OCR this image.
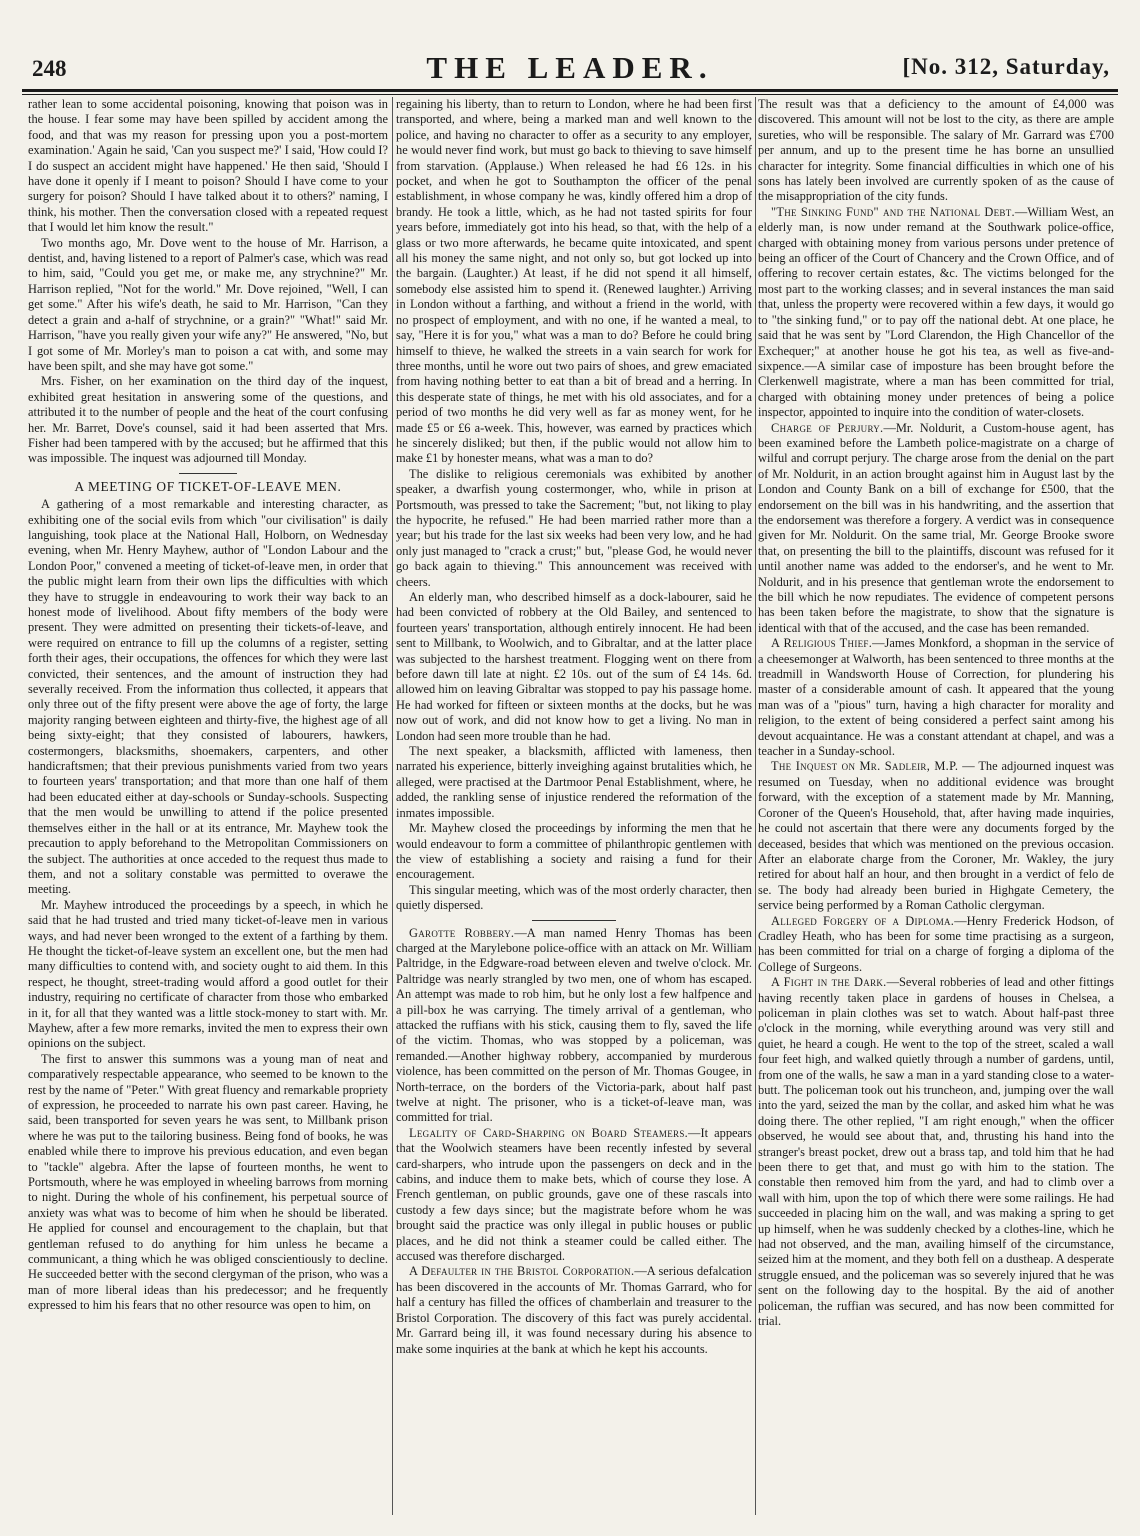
248	THE LEADER.	[No. 312, Saturday,

rather lean to some accidental poisoning, knowing that poison was in the house. I fear some may have been spilled by accident among the food, and that was my reason for pressing upon you a post-mortem examination.' Again he said, 'Can you suspect me?' I said, 'How could I? I do suspect an accident might have happened.' He then said, 'Should I have done it openly if I meant to poison? Should I have come to your surgery for poison? Should I have talked about it to others?' naming, I think, his mother. Then the conversation closed with a repeated request that I would let him know the result."

Two months ago, Mr. Dove went to the house of Mr. Harrison, a dentist, and, having listened to a report of Palmer's case, which was read to him, said, "Could you get me, or make me, any strychnine?" Mr. Harrison replied, "Not for the world." Mr. Dove rejoined, "Well, I can get some." After his wife's death, he said to Mr. Harrison, "Can they detect a grain and a-half of strychnine, or a grain?" "What!" said Mr. Harrison, "have you really given your wife any?" He answered, "No, but I got some of Mr. Morley's man to poison a cat with, and some may have been spilt, and she may have got some."

Mrs. Fisher, on her examination on the third day of the inquest, exhibited great hesitation in answering some of the questions, and attributed it to the number of people and the heat of the court confusing her. Mr. Barret, Dove's counsel, said it had been asserted that Mrs. Fisher had been tampered with by the accused; but he affirmed that this was impossible. The inquest was adjourned till Monday.

A MEETING OF TICKET-OF-LEAVE MEN.

A gathering of a most remarkable and interesting character, as exhibiting one of the social evils from which "our civilisation" is daily languishing, took place at the National Hall, Holborn, on Wednesday evening, when Mr. Henry Mayhew, author of "London Labour and the London Poor," convened a meeting of ticket-of-leave men, in order that the public might learn from their own lips the difficulties with which they have to struggle in endeavouring to work their way back to an honest mode of livelihood. About fifty members of the body were present. They were admitted on presenting their tickets-of-leave, and were required on entrance to fill up the columns of a register, setting forth their ages, their occupations, the offences for which they were last convicted, their sentences, and the amount of instruction they had severally received. From the information thus collected, it appears that only three out of the fifty present were above the age of forty, the large majority ranging between eighteen and thirty-five, the highest age of all being sixty-eight; that they consisted of labourers, hawkers, costermongers, blacksmiths, shoemakers, carpenters, and other handicraftsmen; that their previous punishments varied from two years to fourteen years' transportation; and that more than one half of them had been educated either at day-schools or Sunday-schools. Suspecting that the men would be unwilling to attend if the police presented themselves either in the hall or at its entrance, Mr. Mayhew took the precaution to apply beforehand to the Metropolitan Commissioners on the subject. The authorities at once acceded to the request thus made to them, and not a solitary constable was permitted to overawe the meeting.

Mr. Mayhew introduced the proceedings by a speech, in which he said that he had trusted and tried many ticket-of-leave men in various ways, and had never been wronged to the extent of a farthing by them. He thought the ticket-of-leave system an excellent one, but the men had many difficulties to contend with, and society ought to aid them. In this respect, he thought, street-trading would afford a good outlet for their industry, requiring no certificate of character from those who embarked in it, for all that they wanted was a little stock-money to start with. Mr. Mayhew, after a few more remarks, invited the men to express their own opinions on the subject.

The first to answer this summons was a young man of neat and comparatively respectable appearance, who seemed to be known to the rest by the name of "Peter." With great fluency and remarkable propriety of expression, he proceeded to narrate his own past career. Having, he said, been transported for seven years he was sent, to Millbank prison where he was put to the tailoring business. Being fond of books, he was enabled while there to improve his previous education, and even began to "tackle" algebra. After the lapse of fourteen months, he went to Portsmouth, where he was employed in wheeling barrows from morning to night. During the whole of his confinement, his perpetual source of anxiety was what was to become of him when he should be liberated. He applied for counsel and encouragement to the chaplain, but that gentleman refused to do anything for him unless he became a communicant, a thing which he was obliged conscientiously to decline. He succeeded better with the second clergyman of the prison, who was a man of more liberal ideas than his predecessor; and he frequently expressed to him his fears that no other resource was open to him, on

regaining his liberty, than to return to London, where he had been first transported, and where, being a marked man and well known to the police, and having no character to offer as a security to any employer, he would never find work, but must go back to thieving to save himself from starvation. (Applause.) When released he had £6 12s. in his pocket, and when he got to Southampton the officer of the penal establishment, in whose company he was, kindly offered him a drop of brandy. He took a little, which, as he had not tasted spirits for four years before, immediately got into his head, so that, with the help of a glass or two more afterwards, he became quite intoxicated, and spent all his money the same night, and not only so, but got locked up into the bargain. (Laughter.) At least, if he did not spend it all himself, somebody else assisted him to spend it. (Renewed laughter.) Arriving in London without a farthing, and without a friend in the world, with no prospect of employment, and with no one, if he wanted a meal, to say, "Here it is for you," what was a man to do? Before he could bring himself to thieve, he walked the streets in a vain search for work for three months, until he wore out two pairs of shoes, and grew emaciated from having nothing better to eat than a bit of bread and a herring. In this desperate state of things, he met with his old associates, and for a period of two months he did very well as far as money went, for he made £5 or £6 a-week. This, however, was earned by practices which he sincerely disliked; but then, if the public would not allow him to make £1 by honester means, what was a man to do?

The dislike to religious ceremonials was exhibited by another speaker, a dwarfish young costermonger, who, while in prison at Portsmouth, was pressed to take the Sacrement; "but, not liking to play the hypocrite, he refused." He had been married rather more than a year; but his trade for the last six weeks had been very low, and he had only just managed to "crack a crust;" but, "please God, he would never go back again to thieving." This announcement was received with cheers.

An elderly man, who described himself as a dock-labourer, said he had been convicted of robbery at the Old Bailey, and sentenced to fourteen years' transportation, although entirely innocent. He had been sent to Millbank, to Woolwich, and to Gibraltar, and at the latter place was subjected to the harshest treatment. Flogging went on there from before dawn till late at night. £2 10s. out of the sum of £4 14s. 6d. allowed him on leaving Gibraltar was stopped to pay his passage home. He had worked for fifteen or sixteen months at the docks, but he was now out of work, and did not know how to get a living. No man in London had seen more trouble than he had.

The next speaker, a blacksmith, afflicted with lameness, then narrated his experience, bitterly inveighing against brutalities which, he alleged, were practised at the Dartmoor Penal Establishment, where, he added, the rankling sense of injustice rendered the reformation of the inmates impossible.

Mr. Mayhew closed the proceedings by informing the men that he would endeavour to form a committee of philanthropic gentlemen with the view of establishing a society and raising a fund for their encouragement.

This singular meeting, which was of the most orderly character, then quietly dispersed.

Garotte Robbery.—A man named Henry Thomas has been charged at the Marylebone police-office with an attack on Mr. William Paltridge, in the Edgware-road between eleven and twelve o'clock. Mr. Paltridge was nearly strangled by two men, one of whom has escaped. An attempt was made to rob him, but he only lost a few halfpence and a pill-box he was carrying. The timely arrival of a gentleman, who attacked the ruffians with his stick, causing them to fly, saved the life of the victim. Thomas, who was stopped by a policeman, was remanded.—Another highway robbery, accompanied by murderous violence, has been committed on the person of Mr. Thomas Gougee, in North-terrace, on the borders of the Victoria-park, about half past twelve at night. The prisoner, who is a ticket-of-leave man, was committed for trial.

Legality of Card-Sharping on Board Steamers.—It appears that the Woolwich steamers have been recently infested by several card-sharpers, who intrude upon the passengers on deck and in the cabins, and induce them to make bets, which of course they lose. A French gentleman, on public grounds, gave one of these rascals into custody a few days since; but the magistrate before whom he was brought said the practice was only illegal in public houses or public places, and he did not think a steamer could be called either. The accused was therefore discharged.

A Defaulter in the Bristol Corporation.—A serious defalcation has been discovered in the accounts of Mr. Thomas Garrard, who for half a century has filled the offices of chamberlain and treasurer to the Bristol Corporation. The discovery of this fact was purely accidental. Mr. Garrard being ill, it was found necessary during his absence to make some inquiries at the bank at which he kept his accounts.

The result was that a deficiency to the amount of £4,000 was discovered. This amount will not be lost to the city, as there are ample sureties, who will be responsible. The salary of Mr. Garrard was £700 per annum, and up to the present time he has borne an unsullied character for integrity. Some financial difficulties in which one of his sons has lately been involved are currently spoken of as the cause of the misappropriation of the city funds.

"The Sinking Fund" and the National Debt.—William West, an elderly man, is now under remand at the Southwark police-office, charged with obtaining money from various persons under pretence of being an officer of the Court of Chancery and the Crown Office, and of offering to recover certain estates, &c. The victims belonged for the most part to the working classes; and in several instances the man said that, unless the property were recovered within a few days, it would go to "the sinking fund," or to pay off the national debt. At one place, he said that he was sent by "Lord Clarendon, the High Chancellor of the Exchequer;" at another house he got his tea, as well as five-and-sixpence.—A similar case of imposture has been brought before the Clerkenwell magistrate, where a man has been committed for trial, charged with obtaining money under pretences of being a police inspector, appointed to inquire into the condition of water-closets.

Charge of Perjury.—Mr. Noldurit, a Custom-house agent, has been examined before the Lambeth police-magistrate on a charge of wilful and corrupt perjury. The charge arose from the denial on the part of Mr. Noldurit, in an action brought against him in August last by the London and County Bank on a bill of exchange for £500, that the endorsement on the bill was in his handwriting, and the assertion that the endorsement was therefore a forgery. A verdict was in consequence given for Mr. Noldurit. On the same trial, Mr. George Brooke swore that, on presenting the bill to the plaintiffs, discount was refused for it until another name was added to the endorser's, and he went to Mr. Noldurit, and in his presence that gentleman wrote the endorsement to the bill which he now repudiates. The evidence of competent persons has been taken before the magistrate, to show that the signature is identical with that of the accused, and the case has been remanded.

A Religious Thief.—James Monkford, a shopman in the service of a cheesemonger at Walworth, has been sentenced to three months at the treadmill in Wandsworth House of Correction, for plundering his master of a considerable amount of cash. It appeared that the young man was of a "pious" turn, having a high character for morality and religion, to the extent of being considered a perfect saint among his devout acquaintance. He was a constant attendant at chapel, and was a teacher in a Sunday-school.

The Inquest on Mr. Sadleir, M.P. — The adjourned inquest was resumed on Tuesday, when no additional evidence was brought forward, with the exception of a statement made by Mr. Manning, Coroner of the Queen's Household, that, after having made inquiries, he could not ascertain that there were any documents forged by the deceased, besides that which was mentioned on the previous occasion. After an elaborate charge from the Coroner, Mr. Wakley, the jury retired for about half an hour, and then brought in a verdict of felo de se. The body had already been buried in Highgate Cemetery, the service being performed by a Roman Catholic clergyman.

Alleged Forgery of a Diploma.—Henry Frederick Hodson, of Cradley Heath, who has been for some time practising as a surgeon, has been committed for trial on a charge of forging a diploma of the College of Surgeons.

A Fight in the Dark.—Several robberies of lead and other fittings having recently taken place in gardens of houses in Chelsea, a policeman in plain clothes was set to watch. About half-past three o'clock in the morning, while everything around was very still and quiet, he heard a cough. He went to the top of the street, scaled a wall four feet high, and walked quietly through a number of gardens, until, from one of the walls, he saw a man in a yard standing close to a water-butt. The policeman took out his truncheon, and, jumping over the wall into the yard, seized the man by the collar, and asked him what he was doing there. The other replied, "I am right enough," when the officer observed, he would see about that, and, thrusting his hand into the stranger's breast pocket, drew out a brass tap, and told him that he had been there to get that, and must go with him to the station. The constable then removed him from the yard, and had to climb over a wall with him, upon the top of which there were some railings. He had succeeded in placing him on the wall, and was making a spring to get up himself, when he was suddenly checked by a clothes-line, which he had not observed, and the man, availing himself of the circumstance, seized him at the moment, and they both fell on a dustheap. A desperate struggle ensued, and the policeman was so severely injured that he was sent on the following day to the hospital. By the aid of another policeman, the ruffian was secured, and has now been committed for trial.
